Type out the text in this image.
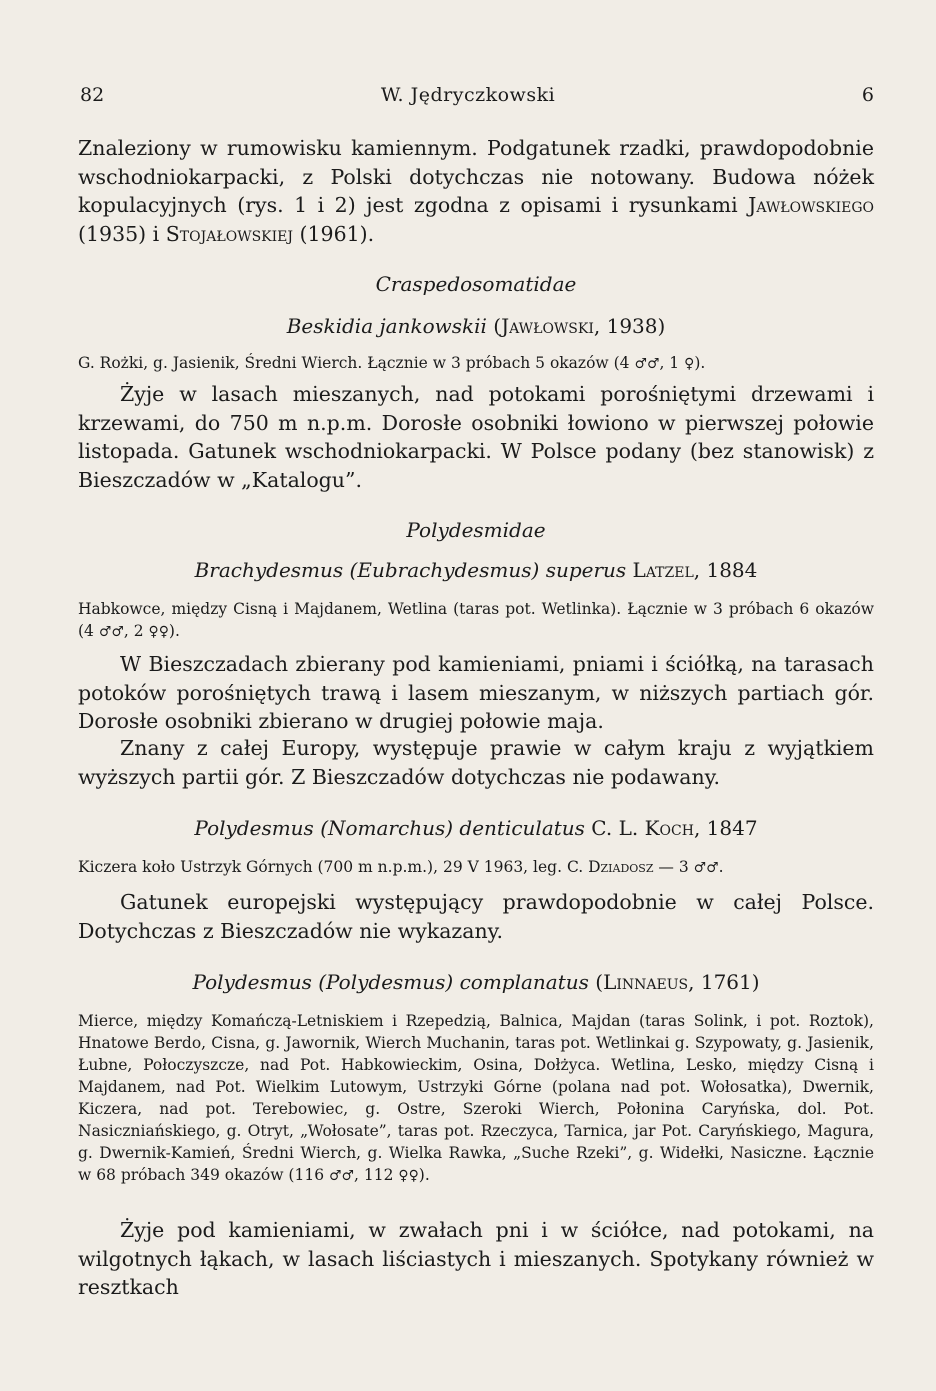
82	W. Jędryczkowski	6
Znaleziony w rumowisku kamiennym. Podgatunek rzadki, prawdopodobnie wschodniokarpacki, z Polski dotychczas nie notowany. Budowa nóżek kopulacyjnych (rys. 1 i 2) jest zgodna z opisami i rysunkami Jawłowskiego (1935) i Stojałowskiej (1961).
Craspedosomatidae
Beskidia jankowskii (Jawłowski, 1938)
G. Rożki, g. Jasienik, Średni Wierch. Łącznie w 3 próbach 5 okazów (4 ♂♂, 1 ♀).
Żyje w lasach mieszanych, nad potokami porośniętymi drzewami i krzewami, do 750 m n.p.m. Dorosłe osobniki łowiono w pierwszej połowie listopada. Gatunek wschodniokarpacki. W Polsce podany (bez stanowisk) z Bieszczadów w „Katalogu”.
Polydesmidae
Brachydesmus (Eubrachydesmus) superus Latzel, 1884
Habkowce, między Cisną i Majdanem, Wetlina (taras pot. Wetlinka). Łącznie w 3 próbach 6 okazów (4 ♂♂, 2 ♀♀).
W Bieszczadach zbierany pod kamieniami, pniami i ściółką, na tarasach potoków porośniętych trawą i lasem mieszanym, w niższych partiach gór. Dorosłe osobniki zbierano w drugiej połowie maja.
Znany z całej Europy, występuje prawie w całym kraju z wyjątkiem wyższych partii gór. Z Bieszczadów dotychczas nie podawany.
Polydesmus (Nomarchus) denticulatus C. L. Koch, 1847
Kiczera koło Ustrzyk Górnych (700 m n.p.m.), 29 V 1963, leg. C. Dziadosz — 3 ♂♂.
Gatunek europejski występujący prawdopodobnie w całej Polsce. Dotychczas z Bieszczadów nie wykazany.
Polydesmus (Polydesmus) complanatus (Linnaeus, 1761)
Mierce, między Komańczą-Letniskiem i Rzepedzią, Balnica, Majdan (taras Solink, i pot. Roztok), Hnatowe Berdo, Cisna, g. Jawornik, Wierch Muchanin, taras pot. Wetlinkai g. Szypowaty, g. Jasienik, Łubne, Połoczyszcze, nad Pot. Habkowieckim, Osina, Dołżyca. Wetlina, Lesko, między Cisną i Majdanem, nad Pot. Wielkim Lutowym, Ustrzyki Górne (polana nad pot. Wołosatka), Dwernik, Kiczera, nad pot. Terebowiec, g. Ostre, Szeroki Wierch, Połonina Caryńska, dol. Pot. Nasiczniańskiego, g. Otryt, „Wołosate”, taras pot. Rzeczyca, Tarnica, jar Pot. Caryńskiego, Magura, g. Dwernik-Kamień, Średni Wierch, g. Wielka Rawka, „Suche Rzeki”, g. Widełki, Nasiczne. Łącznie w 68 próbach 349 okazów (116 ♂♂, 112 ♀♀).
Żyje pod kamieniami, w zwałach pni i w ściółce, nad potokami, na wilgotnych łąkach, w lasach liściastych i mieszanych. Spotykany również w resztkach
